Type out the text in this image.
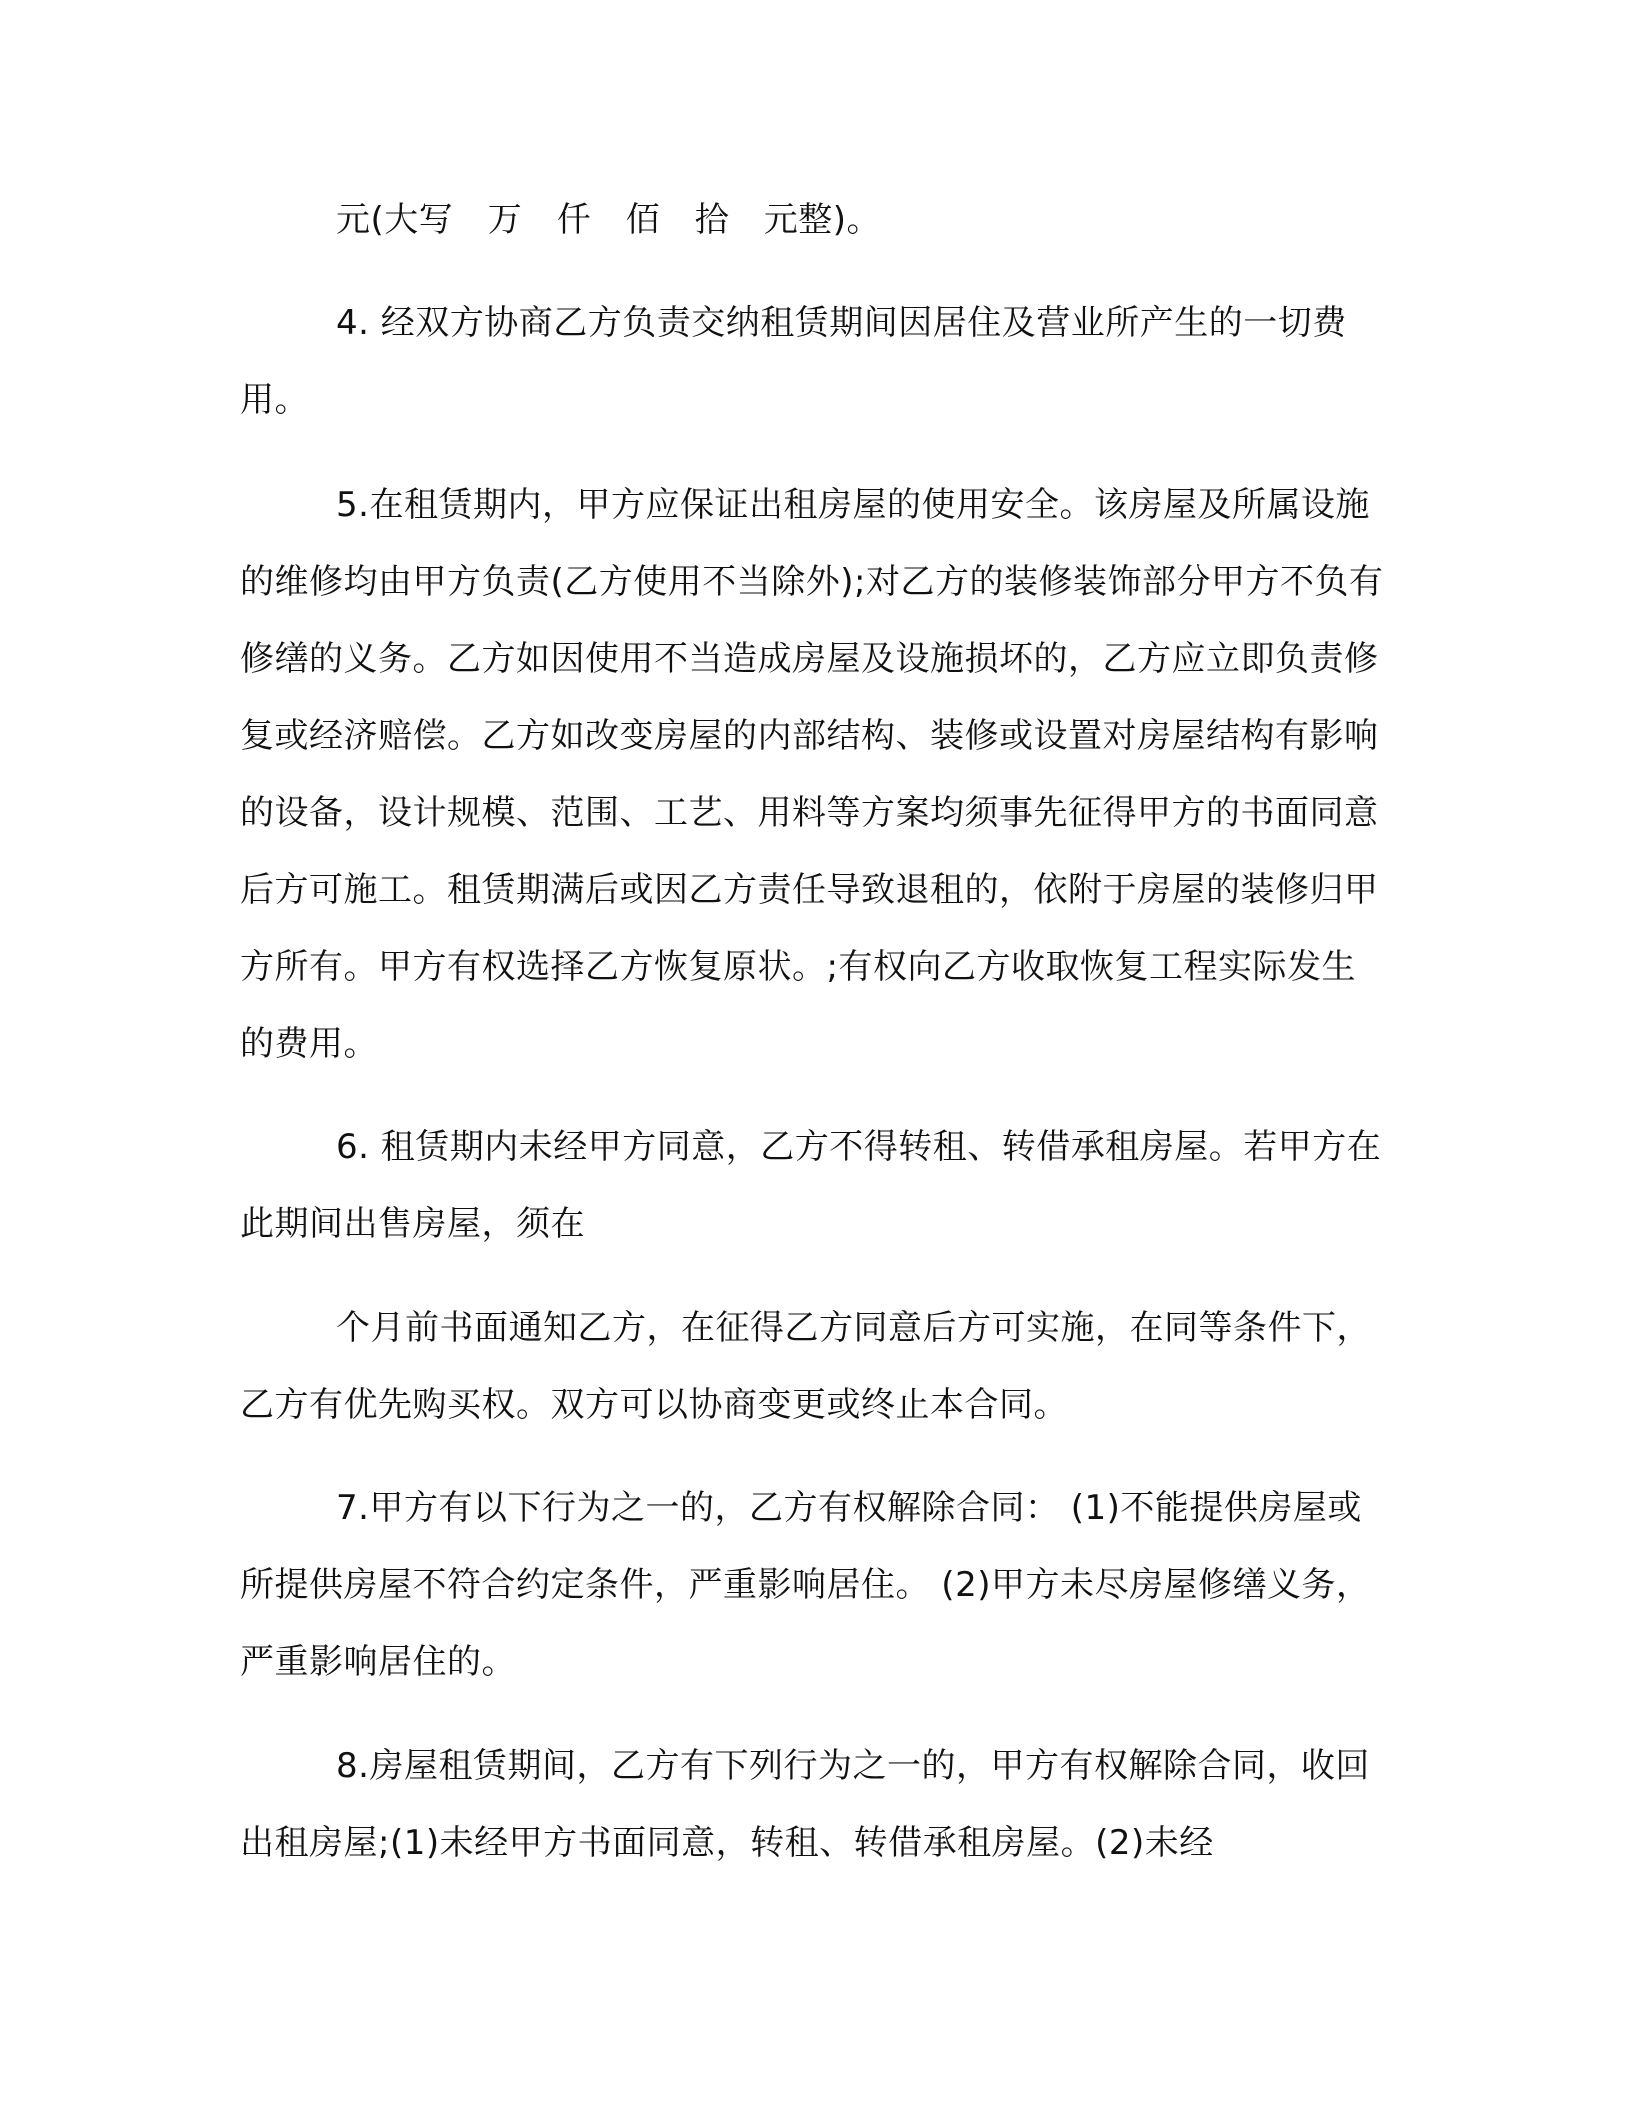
元(大写　万　仟　佰　拾　元整)。

4. 经双方协商乙方负责交纳租赁期间因居住及营业所产生的一切费用。

5.在租赁期内，甲方应保证出租房屋的使用安全。该房屋及所属设施的维修均由甲方负责(乙方使用不当除外);对乙方的装修装饰部分甲方不负有修缮的义务。乙方如因使用不当造成房屋及设施损坏的，乙方应立即负责修复或经济赔偿。乙方如改变房屋的内部结构、装修或设置对房屋结构有影响的设备，设计规模、范围、工艺、用料等方案均须事先征得甲方的书面同意后方可施工。租赁期满后或因乙方责任导致退租的，依附于房屋的装修归甲方所有。甲方有权选择乙方恢复原状。;有权向乙方收取恢复工程实际发生的费用。

6. 租赁期内未经甲方同意，乙方不得转租、转借承租房屋。若甲方在此期间出售房屋，须在

个月前书面通知乙方，在征得乙方同意后方可实施，在同等条件下，乙方有优先购买权。双方可以协商变更或终止本合同。

7.甲方有以下行为之一的，乙方有权解除合同： (1)不能提供房屋或所提供房屋不符合约定条件，严重影响居住。 (2)甲方未尽房屋修缮义务，严重影响居住的。

8.房屋租赁期间，乙方有下列行为之一的，甲方有权解除合同，收回出租房屋;(1)未经甲方书面同意，转租、转借承租房屋。(2)未经
